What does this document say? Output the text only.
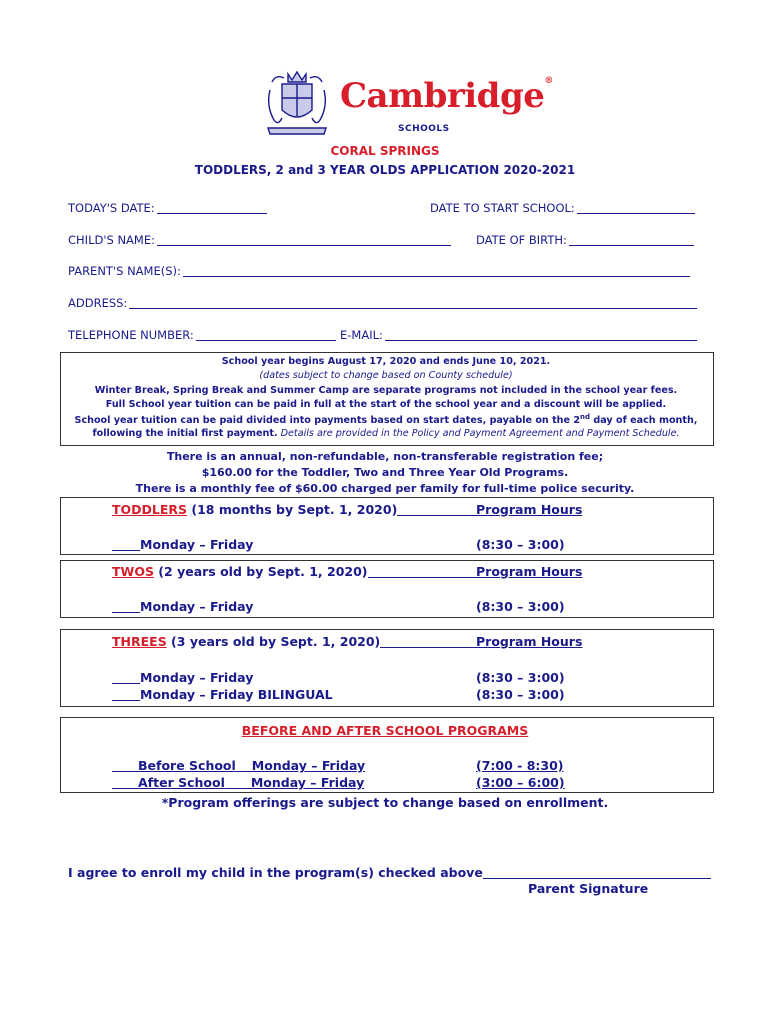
Cambridge®
SCHOOLS
CORAL SPRINGS
TODDLERS, 2 and 3 YEAR OLDS APPLICATION 2020-2021
TODAY'S DATE:	DATE TO START SCHOOL:
CHILD'S NAME:	DATE OF BIRTH:
PARENT'S NAME(S):
ADDRESS:
TELEPHONE NUMBER:	E-MAIL:
School year begins August 17, 2020 and ends June 10, 2021.
(dates subject to change based on County schedule)
Winter Break, Spring Break and Summer Camp are separate programs not included in the school year fees.
Full School year tuition can be paid in full at the start of the school year and a discount will be applied.
School year tuition can be paid divided into payments based on start dates, payable on the 2nd day of each month,
following the initial first payment. Details are provided in the Policy and Payment Agreement and Payment Schedule.
There is an annual, non-refundable, non-transferable registration fee;
$160.00 for the Toddler, Two and Three Year Old Programs.
There is a monthly fee of $60.00 charged per family for full-time police security.
TODDLERS (18 months by Sept. 1, 2020)	Program Hours
Monday – Friday	(8:30 – 3:00)
TWOS (2 years old by Sept. 1, 2020)	Program Hours
Monday – Friday	(8:30 – 3:00)
THREES (3 years old by Sept. 1, 2020)	Program Hours
Monday – Friday	(8:30 – 3:00)
Monday – Friday BILINGUAL	(8:30 – 3:00)
BEFORE AND AFTER SCHOOL PROGRAMS
Before School Monday – Friday	(7:00 - 8:30)
After School Monday – Friday	(3:00 – 6:00)
*Program offerings are subject to change based on enrollment.
I agree to enroll my child in the program(s) checked above
Parent Signature
